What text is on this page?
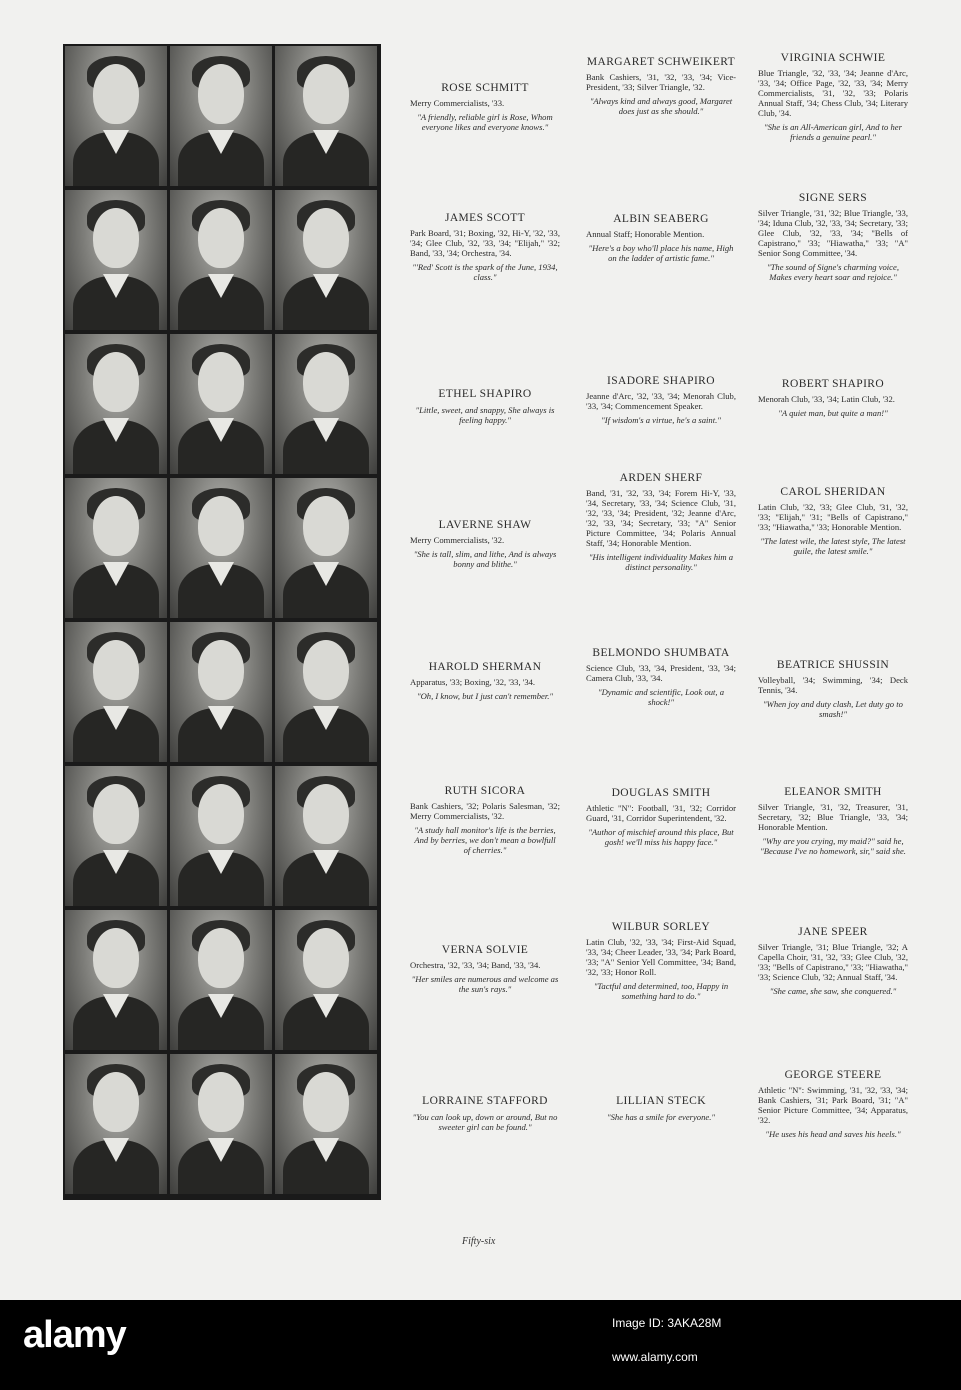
ROSE SCHMITT
Merry Commercialists, '33.
"A friendly, reliable girl is Rose, Whom everyone likes and everyone knows."
JAMES SCOTT
Park Board, '31; Boxing, '32, Hi-Y, '32, '33, '34; Glee Club, '32, '33, '34; "Elijah," '32; Band, '33, '34; Orchestra, '34.
"'Red' Scott is the spark of the June, 1934, class."
ETHEL SHAPIRO
"Little, sweet, and snappy, She always is feeling happy."
LAVERNE SHAW
Merry Commercialists, '32.
"She is tall, slim, and lithe, And is always bonny and blithe."
HAROLD SHERMAN
Apparatus, '33; Boxing, '32, '33, '34.
"Oh, I know, but I just can't remember."
RUTH SICORA
Bank Cashiers, '32; Polaris Salesman, '32; Merry Commercialists, '32.
"A study hall monitor's life is the berries, And by berries, we don't mean a bowlfull of cherries."
VERNA SOLVIE
Orchestra, '32, '33, '34; Band, '33, '34.
"Her smiles are numerous and welcome as the sun's rays."
LORRAINE STAFFORD
"You can look up, down or around, But no sweeter girl can be found."
MARGARET SCHWEIKERT
Bank Cashiers, '31, '32, '33, '34; Vice-President, '33; Silver Triangle, '32.
"Always kind and always good, Margaret does just as she should."
ALBIN SEABERG
Annual Staff; Honorable Mention.
"Here's a boy who'll place his name, High on the ladder of artistic fame."
ISADORE SHAPIRO
Jeanne d'Arc, '32, '33, '34; Menorah Club, '33, '34; Commencement Speaker.
"If wisdom's a virtue, he's a saint."
ARDEN SHERF
Band, '31, '32, '33, '34; Forem Hi-Y, '33, '34, Secretary, '33, '34; Science Club, '31, '32, '33, '34; President, '32; Jeanne d'Arc, '32, '33, '34; Secretary, '33; "A" Senior Picture Committee, '34; Polaris Annual Staff, '34; Honorable Mention.
"His intelligent individuality Makes him a distinct personality."
BELMONDO SHUMBATA
Science Club, '33, '34, President, '33, '34; Camera Club, '33, '34.
"Dynamic and scientific, Look out, a shock!"
DOUGLAS SMITH
Athletic "N": Football, '31, '32; Corridor Guard, '31, Corridor Superintendent, '32.
"Author of mischief around this place, But gosh! we'll miss his happy face."
WILBUR SORLEY
Latin Club, '32, '33, '34; First-Aid Squad, '33, '34; Cheer Leader, '33, '34; Park Board, '33; "A" Senior Yell Committee, '34; Band, '32, '33; Honor Roll.
"Tactful and determined, too, Happy in something hard to do."
LILLIAN STECK
"She has a smile for everyone."
VIRGINIA SCHWIE
Blue Triangle, '32, '33, '34; Jeanne d'Arc, '33, '34; Office Page, '32, '33, '34; Merry Commercialists, '31, '32, '33; Polaris Annual Staff, '34; Chess Club, '34; Literary Club, '34.
"She is an All-American girl, And to her friends a genuine pearl."
SIGNE SERS
Silver Triangle, '31, '32; Blue Triangle, '33, '34; Iduna Club, '32, '33, '34; Secretary, '33; Glee Club, '32, '33, '34; "Bells of Capistrano," '33; "Hiawatha," '33; "A" Senior Song Committee, '34.
"The sound of Signe's charming voice, Makes every heart soar and rejoice."
ROBERT SHAPIRO
Menorah Club, '33, '34; Latin Club, '32.
"A quiet man, but quite a man!"
CAROL SHERIDAN
Latin Club, '32, '33; Glee Club, '31, '32, '33; "Elijah," '31; "Bells of Capistrano," '33; "Hiawatha," '33; Honorable Mention.
"The latest wile, the latest style, The latest guile, the latest smile."
BEATRICE SHUSSIN
Volleyball, '34; Swimming, '34; Deck Tennis, '34.
"When joy and duty clash, Let duty go to smash!"
ELEANOR SMITH
Silver Triangle, '31, '32, Treasurer, '31, Secretary, '32; Blue Triangle, '33, '34; Honorable Mention.
"Why are you crying, my maid?" said he, "Because I've no homework, sir," said she.
JANE SPEER
Silver Triangle, '31; Blue Triangle, '32; A Capella Choir, '31, '32, '33; Glee Club, '32, '33; "Bells of Capistrano," '33; "Hiawatha," '33; Science Club, '32; Annual Staff, '34.
"She came, she saw, she conquered."
GEORGE STEERE
Athletic "N": Swimming, '31, '32, '33, '34; Bank Cashiers, '31; Park Board, '31; "A" Senior Picture Committee, '34; Apparatus, '32.
"He uses his head and saves his heels."
Fifty-six
alamy	Image ID: 3AKA28M
www.alamy.com
